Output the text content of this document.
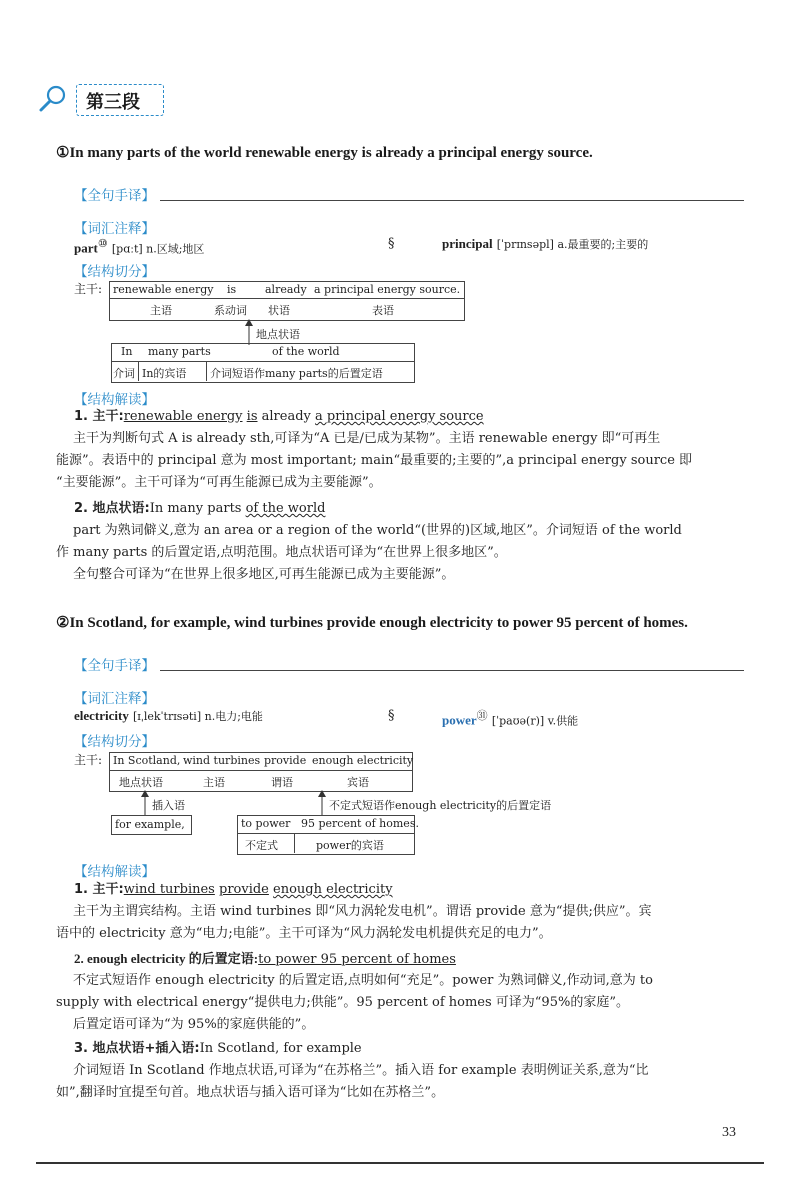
第三段
①In many parts of the world renewable energy is already a principal energy source.
【全句手译】
【词汇注释】
part⑩ [pɑːt] n.区域;地区	§	principal [ˈprɪnsəpl] a.最重要的;主要的
【结构切分】
主干: renewable energy is	already a principal energy source.
主语	系动词 状语	表语
地点状语
In many parts	of the world
介词 In的宾语 介词短语作many parts的后置定语
【结构解读】
1. 主干:renewable energy is already a principal energy source
主干为判断句式 A is already sth,可译为“A 已是/已成为某物”。主语 renewable energy 即“可再生
能源”。表语中的 principal 意为 most important; main“最重要的;主要的”,a principal energy source 即
“主要能源”。主干可译为“可再生能源已成为主要能源”。
2. 地点状语:In many parts of the world
part 为熟词僻义,意为 an area or a region of the world“(世界的)区域,地区”。介词短语 of the world
作 many parts 的后置定语,点明范围。地点状语可译为“在世界上很多地区”。
全句整合可译为“在世界上很多地区,可再生能源已成为主要能源”。
②In Scotland, for example, wind turbines provide enough electricity to power 95 percent of homes.
【全句手译】
【词汇注释】
electricity [ɪˌlekˈtrɪsəti] n.电力;电能	§	power$^㉛$ [ˈpaʊə(r)] v.供能
【结构切分】
主干: In Scotland, wind turbines provide enough electricity
地点状语	主语	谓语	宾语
插入语	不定式短语作enough electricity的后置定语
for example,	to power 95 percent of homes.
不定式	power的宾语
【结构解读】
1. 主干:wind turbines provide enough electricity
主干为主谓宾结构。主语 wind turbines 即“风力涡轮发电机”。谓语 provide 意为“提供;供应”。宾
语中的 electricity 意为“电力;电能”。主干可译为“风力涡轮发电机提供充足的电力”。
2. enough electricity 的后置定语:to power 95 percent of homes
不定式短语作 enough electricity 的后置定语,点明如何“充足”。power 为熟词僻义,作动词,意为 to
supply with electrical energy“提供电力;供能”。95 percent of homes 可译为“95%的家庭”。
后置定语可译为“为 95%的家庭供能的”。
3. 地点状语+插入语:In Scotland, for example
介词短语 In Scotland 作地点状语,可译为“在苏格兰”。插入语 for example 表明例证关系,意为“比
如”,翻译时宜提至句首。地点状语与插入语可译为“比如在苏格兰”。
33
